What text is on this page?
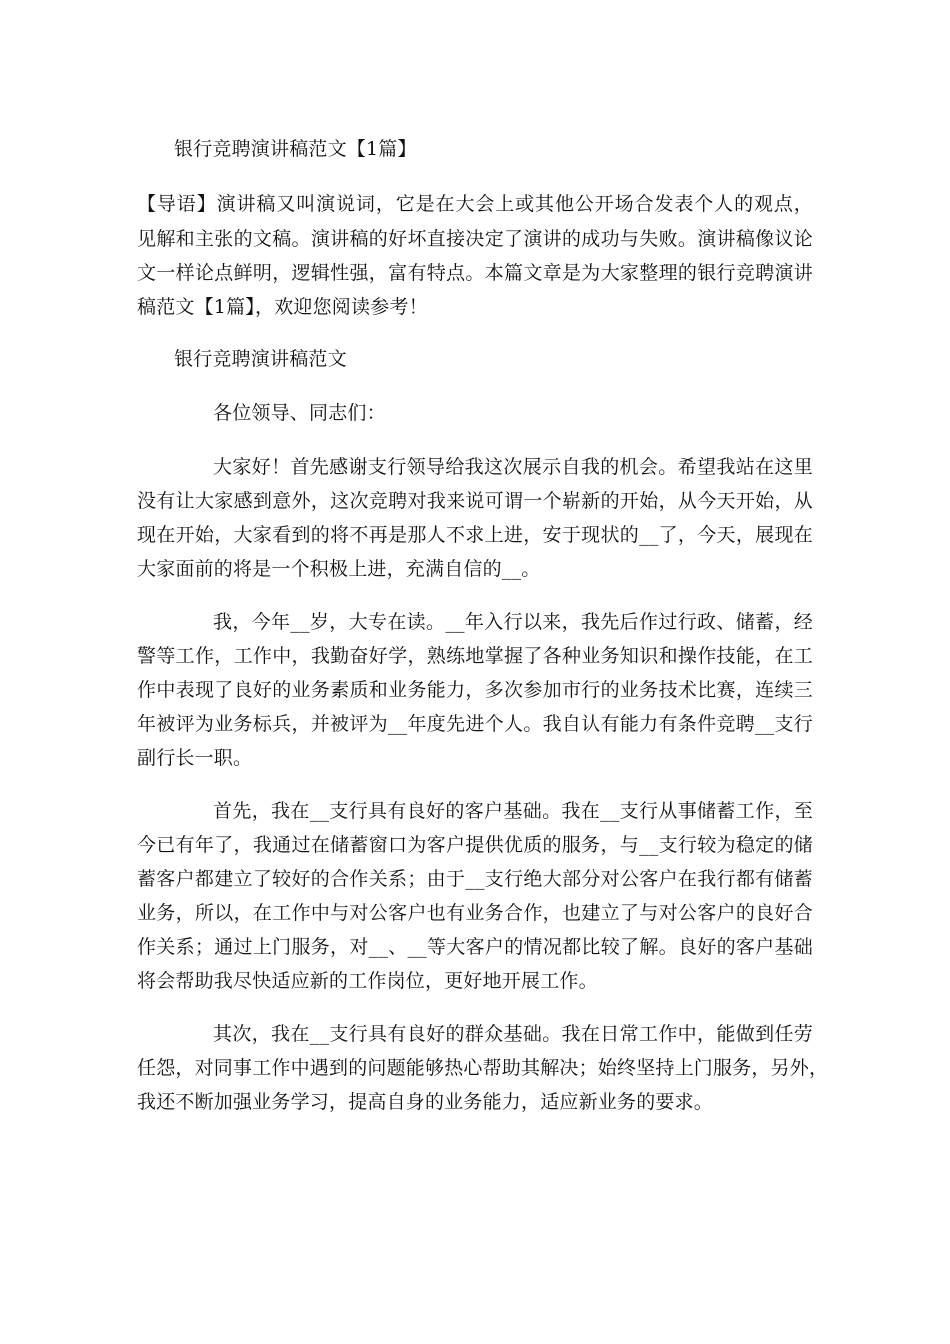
银行竞聘演讲稿范文【1篇】
【导语】演讲稿又叫演说词，它是在大会上或其他公开场合发表个人的观点，
见解和主张的文稿。演讲稿的好坏直接决定了演讲的成功与失败。演讲稿像议论
文一样论点鲜明，逻辑性强，富有特点。本篇文章是为大家整理的银行竞聘演讲
稿范文【1篇】，欢迎您阅读参考！
银行竞聘演讲稿范文
各位领导、同志们：
大家好！首先感谢支行领导给我这次展示自我的机会。希望我站在这里
没有让大家感到意外，这次竞聘对我来说可谓一个崭新的开始，从今天开始，从
现在开始，大家看到的将不再是那人不求上进，安于现状的__了，今天，展现在
大家面前的将是一个积极上进，充满自信的__。
我，今年__岁，大专在读。__年入行以来，我先后作过行政、储蓄，经
警等工作，工作中，我勤奋好学，熟练地掌握了各种业务知识和操作技能，在工
作中表现了良好的业务素质和业务能力，多次参加市行的业务技术比赛，连续三
年被评为业务标兵，并被评为__年度先进个人。我自认有能力有条件竞聘__支行
副行长一职。
首先，我在__支行具有良好的客户基础。我在__支行从事储蓄工作，至
今已有年了，我通过在储蓄窗口为客户提供优质的服务，与__支行较为稳定的储
蓄客户都建立了较好的合作关系；由于__支行绝大部分对公客户在我行都有储蓄
业务，所以，在工作中与对公客户也有业务合作，也建立了与对公客户的良好合
作关系；通过上门服务，对__、__等大客户的情况都比较了解。良好的客户基础
将会帮助我尽快适应新的工作岗位，更好地开展工作。
其次，我在__支行具有良好的群众基础。我在日常工作中，能做到任劳
任怨，对同事工作中遇到的问题能够热心帮助其解决；始终坚持上门服务，另外，
我还不断加强业务学习，提高自身的业务能力，适应新业务的要求。
